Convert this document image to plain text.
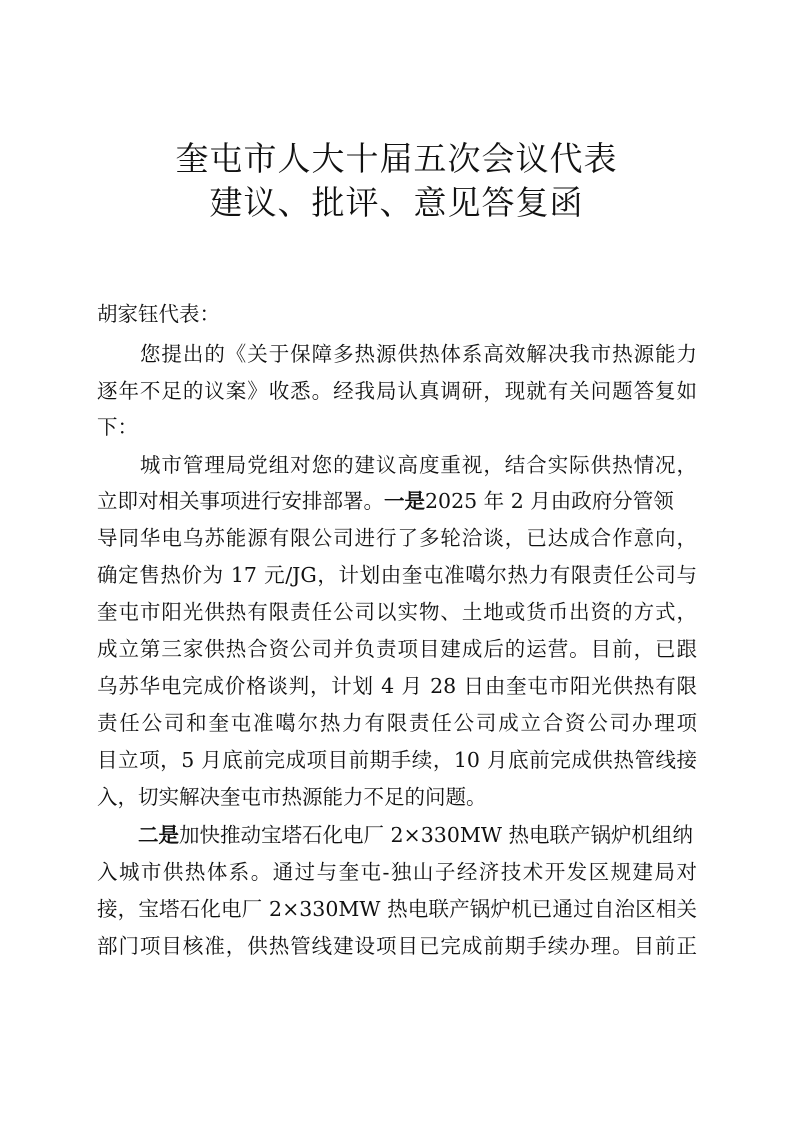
奎屯市人大十届五次会议代表
建议、批评、意见答复函
胡家钰代表：
　　您提出的《关于保障多热源供热体系高效解决我市热源能力
逐年不足的议案》收悉。经我局认真调研，现就有关问题答复如
下：
　　城市管理局党组对您的建议高度重视，结合实际供热情况，
立即对相关事项进行安排部署。一是2025 年 2 月由政府分管领
导同华电乌苏能源有限公司进行了多轮洽谈，已达成合作意向，
确定售热价为 17 元/JG，计划由奎屯准噶尔热力有限责任公司与
奎屯市阳光供热有限责任公司以实物、土地或货币出资的方式，
成立第三家供热合资公司并负责项目建成后的运营。目前，已跟
乌苏华电完成价格谈判，计划 4 月 28 日由奎屯市阳光供热有限
责任公司和奎屯准噶尔热力有限责任公司成立合资公司办理项
目立项，5 月底前完成项目前期手续，10 月底前完成供热管线接
入，切实解决奎屯市热源能力不足的问题。
二是加快推动宝塔石化电厂 2×330MW 热电联产锅炉机组纳
入城市供热体系。通过与奎屯-独山子经济技术开发区规建局对
接，宝塔石化电厂 2×330MW 热电联产锅炉机已通过自治区相关
部门项目核准，供热管线建设项目已完成前期手续办理。目前正
